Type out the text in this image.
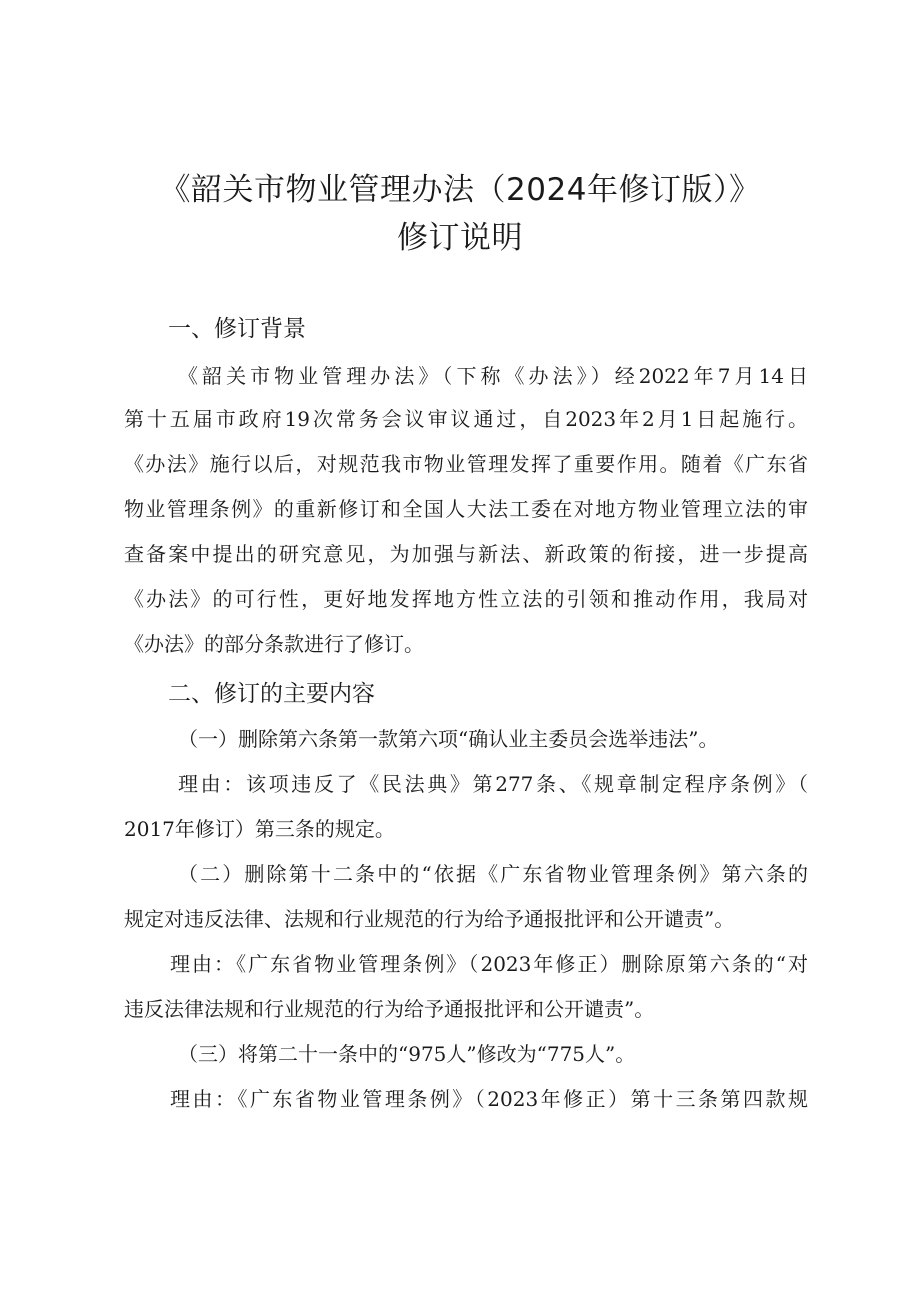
《韶关市物业管理办法（2024年修订版）》
修订说明
一、修订背景
《韶关市物业管理办法》（下称《办法》）经2022年7月14日
第十五届市政府19次常务会议审议通过，自2023年2月1日起施行。
《办法》施行以后，对规范我市物业管理发挥了重要作用。随着《广东省
物业管理条例》的重新修订和全国人大法工委在对地方物业管理立法的审
查备案中提出的研究意见，为加强与新法、新政策的衔接，进一步提高
《办法》的可行性，更好地发挥地方性立法的引领和推动作用，我局对
《办法》的部分条款进行了修订。
二、修订的主要内容
（一）删除第六条第一款第六项“确认业主委员会选举违法”。
理由：该项违反了《民法典》第277条、《规章制定程序条例》（
2017年修订）第三条的规定。
（二）删除第十二条中的“依据《广东省物业管理条例》第六条的
规定对违反法律、法规和行业规范的行为给予通报批评和公开谴责”。
理由：《广东省物业管理条例》（2023年修正）删除原第六条的“对
违反法律法规和行业规范的行为给予通报批评和公开谴责”。
（三）将第二十一条中的“975人”修改为“775人”。
理由：《广东省物业管理条例》（2023年修正）第十三条第四款规
